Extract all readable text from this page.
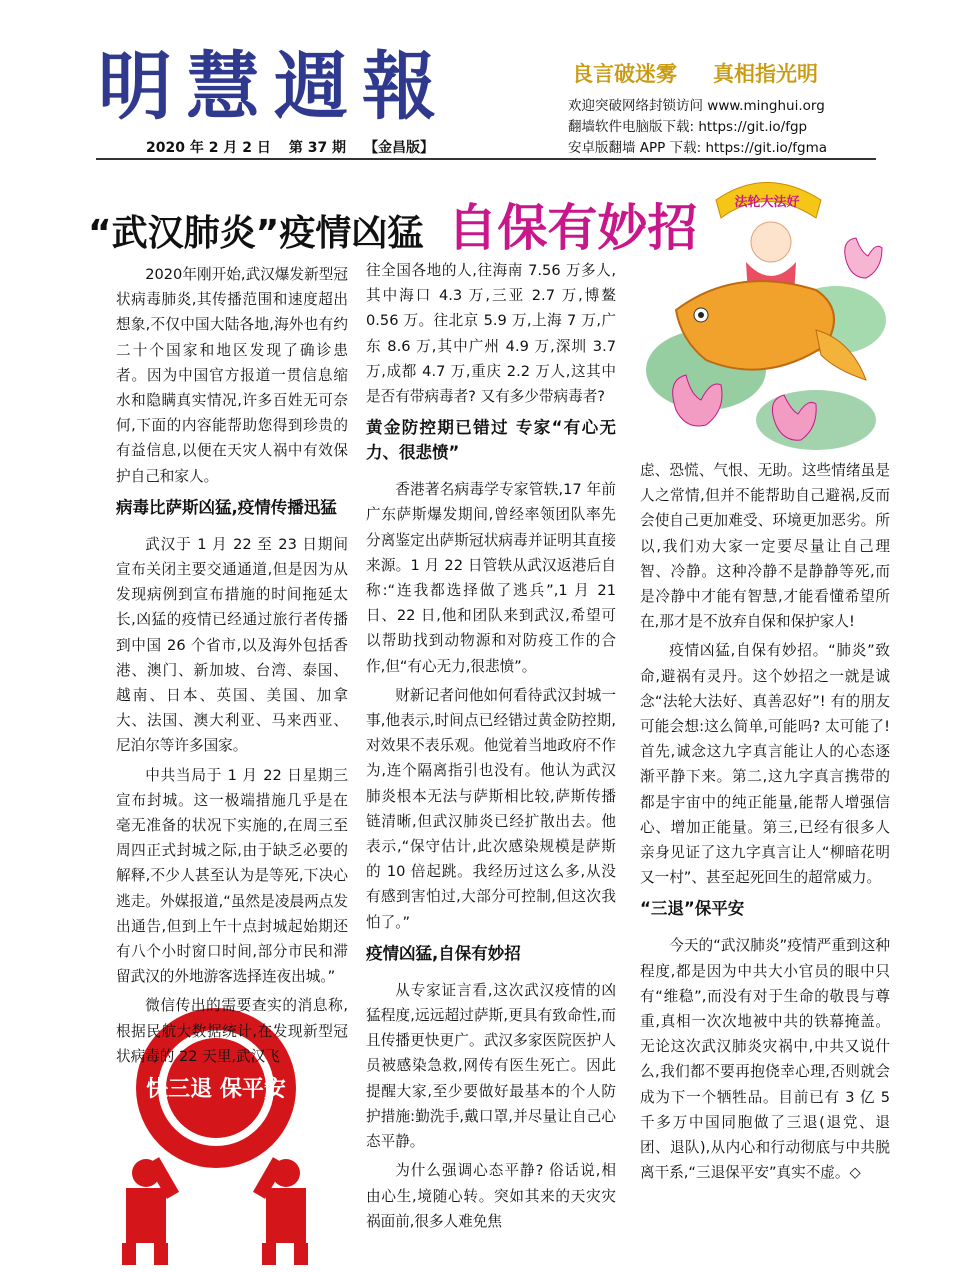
明慧週報	良言破迷雾 真相指光明
欢迎突破网络封锁访问 www.minghui.org
翻墙软件电脑版下载: https://git.io/fgp
安卓版翻墙 APP 下载: https://git.io/fgma
2020 年 2 月 2 日 第 37 期 【金昌版】
“武汉肺炎”疫情凶猛 自保有妙招	法轮大法好
快三退 保平安

2020年刚开始,武汉爆发新型冠状病毒肺炎,其传播范围和速度超出想象,不仅中国大陆各地,海外也有约二十个国家和地区发现了确诊患者。因为中国官方报道一贯信息缩水和隐瞒真实情况,许多百姓无可奈何,下面的内容能帮助您得到珍贵的有益信息,以便在天灾人祸中有效保护自己和家人。

病毒比萨斯凶猛,疫情传播迅猛

武汉于 1 月 22 至 23 日期间宣布关闭主要交通通道,但是因为从发现病例到宣布措施的时间拖延太长,凶猛的疫情已经通过旅行者传播到中国 26 个省市,以及海外包括香港、澳门、新加坡、台湾、泰国、越南、日本、英国、美国、加拿大、法国、澳大利亚、马来西亚、尼泊尔等许多国家。

中共当局于 1 月 22 日星期三宣布封城。这一极端措施几乎是在毫无准备的状况下实施的,在周三至周四正式封城之际,由于缺乏必要的解释,不少人甚至认为是等死,下决心逃走。外媒报道,“虽然是凌晨两点发出通告,但到上午十点封城起始期还有八个小时窗口时间,部分市民和滞留武汉的外地游客选择连夜出城。”

微信传出的需要查实的消息称,根据民航大数据统计,在发现新型冠状病毒的 22 天里,武汉飞

往全国各地的人,往海南 7.56 万多人,其中海口 4.3 万,三亚 2.7 万,博鳌 0.56 万。往北京 5.9 万,上海 7 万,广东 8.6 万,其中广州 4.9 万,深圳 3.7 万,成都 4.7 万,重庆 2.2 万人,这其中是否有带病毒者? 又有多少带病毒者?

黄金防控期已错过 专家“有心无力、很悲愤”

香港著名病毒学专家管轶,17 年前广东萨斯爆发期间,曾经率领团队率先分离鉴定出萨斯冠状病毒并证明其直接来源。1 月 22 日管轶从武汉返港后自称:“连我都选择做了逃兵”,1 月 21 日、22 日,他和团队来到武汉,希望可以帮助找到动物源和对防疫工作的合作,但“有心无力,很悲愤”。

财新记者问他如何看待武汉封城一事,他表示,时间点已经错过黄金防控期,对效果不表乐观。他觉着当地政府不作为,连个隔离指引也没有。他认为武汉肺炎根本无法与萨斯相比较,萨斯传播链清晰,但武汉肺炎已经扩散出去。他表示,“保守估计,此次感染规模是萨斯的 10 倍起跳。我经历过这么多,从没有感到害怕过,大部分可控制,但这次我怕了。”

疫情凶猛,自保有妙招

从专家证言看,这次武汉疫情的凶猛程度,远远超过萨斯,更具有致命性,而且传播更快更广。武汉多家医院医护人员被感染急救,网传有医生死亡。因此提醒大家,至少要做好最基本的个人防护措施:勤洗手,戴口罩,并尽量让自己心态平静。

为什么强调心态平静? 俗话说,相由心生,境随心转。突如其来的天灾灾祸面前,很多人难免焦

虑、恐慌、气恨、无助。这些情绪虽是人之常情,但并不能帮助自己避祸,反而会使自己更加难受、环境更加恶劣。所以,我们劝大家一定要尽量让自己理智、冷静。这种冷静不是静静等死,而是冷静中才能有智慧,才能看懂希望所在,那才是不放弃自保和保护家人!

疫情凶猛,自保有妙招。“肺炎”致命,避祸有灵丹。这个妙招之一就是诚念“法轮大法好、真善忍好”! 有的朋友可能会想:这么简单,可能吗? 太可能了! 首先,诚念这九字真言能让人的心态逐渐平静下来。第二,这九字真言携带的都是宇宙中的纯正能量,能帮人增强信心、增加正能量。第三,已经有很多人亲身见证了这九字真言让人“柳暗花明又一村”、甚至起死回生的超常威力。

“三退”保平安

今天的“武汉肺炎”疫情严重到这种程度,都是因为中共大小官员的眼中只有“维稳”,而没有对于生命的敬畏与尊重,真相一次次地被中共的铁幕掩盖。无论这次武汉肺炎灾祸中,中共又说什么,我们都不要再抱侥幸心理,否则就会成为下一个牺牲品。目前已有 3 亿 5 千多万中国同胞做了三退(退党、退团、退队),从内心和行动彻底与中共脱离干系,“三退保平安”真实不虚。◇
